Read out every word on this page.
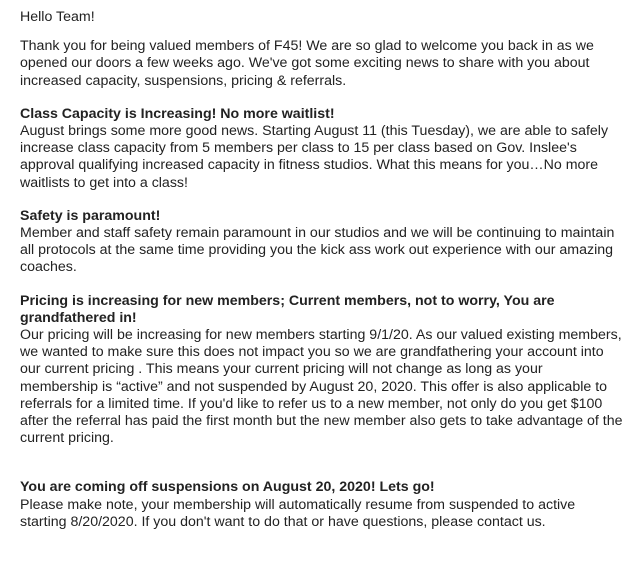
Hello Team!
Thank you for being valued members of F45! We are so glad to welcome you back in as we opened our doors a few weeks ago. We've got some exciting news to share with you about increased capacity, suspensions, pricing & referrals.
Class Capacity is Increasing! No more waitlist!
August brings some more good news. Starting August 11 (this Tuesday), we are able to safely increase class capacity from 5 members per class to 15 per class based on Gov. Inslee's approval qualifying increased capacity in fitness studios. What this means for you…No more waitlists to get into a class!
Safety is paramount!
Member and staff safety remain paramount in our studios and we will be continuing to maintain all protocols at the same time providing you the kick ass work out experience with our amazing coaches.
Pricing is increasing for new members; Current members, not to worry, You are grandfathered in!
Our pricing will be increasing for new members starting 9/1/20. As our valued existing members, we wanted to make sure this does not impact you so we are grandfathering your account into our current pricing . This means your current pricing will not change as long as your membership is “active” and not suspended by August 20, 2020. This offer is also applicable to referrals for a limited time. If you'd like to refer us to a new member, not only do you get $100 after the referral has paid the first month but the new member also gets to take advantage of the current pricing.
You are coming off suspensions on August 20, 2020! Lets go!
Please make note, your membership will automatically resume from suspended to active starting 8/20/2020. If you don't want to do that or have questions, please contact us.
